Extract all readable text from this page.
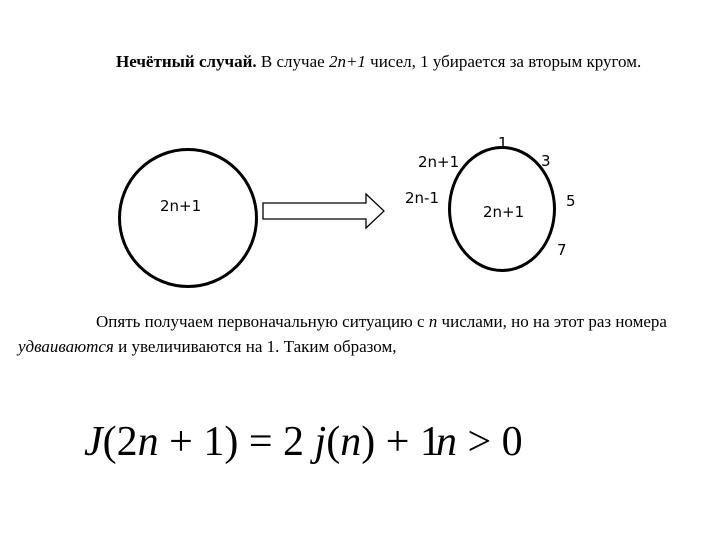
Нечётный случай. В случае 2n+1 чисел, 1 убирается за вторым кругом.

2n+1	2n+1
2n+1
2n-1
1
3
5
7

Опять получаем первоначальную ситуацию с n числами, но на этот раз номера удваиваются и увеличиваются на 1. Таким образом,

J(2n + 1) = 2 j(n) + 1
n > 0
